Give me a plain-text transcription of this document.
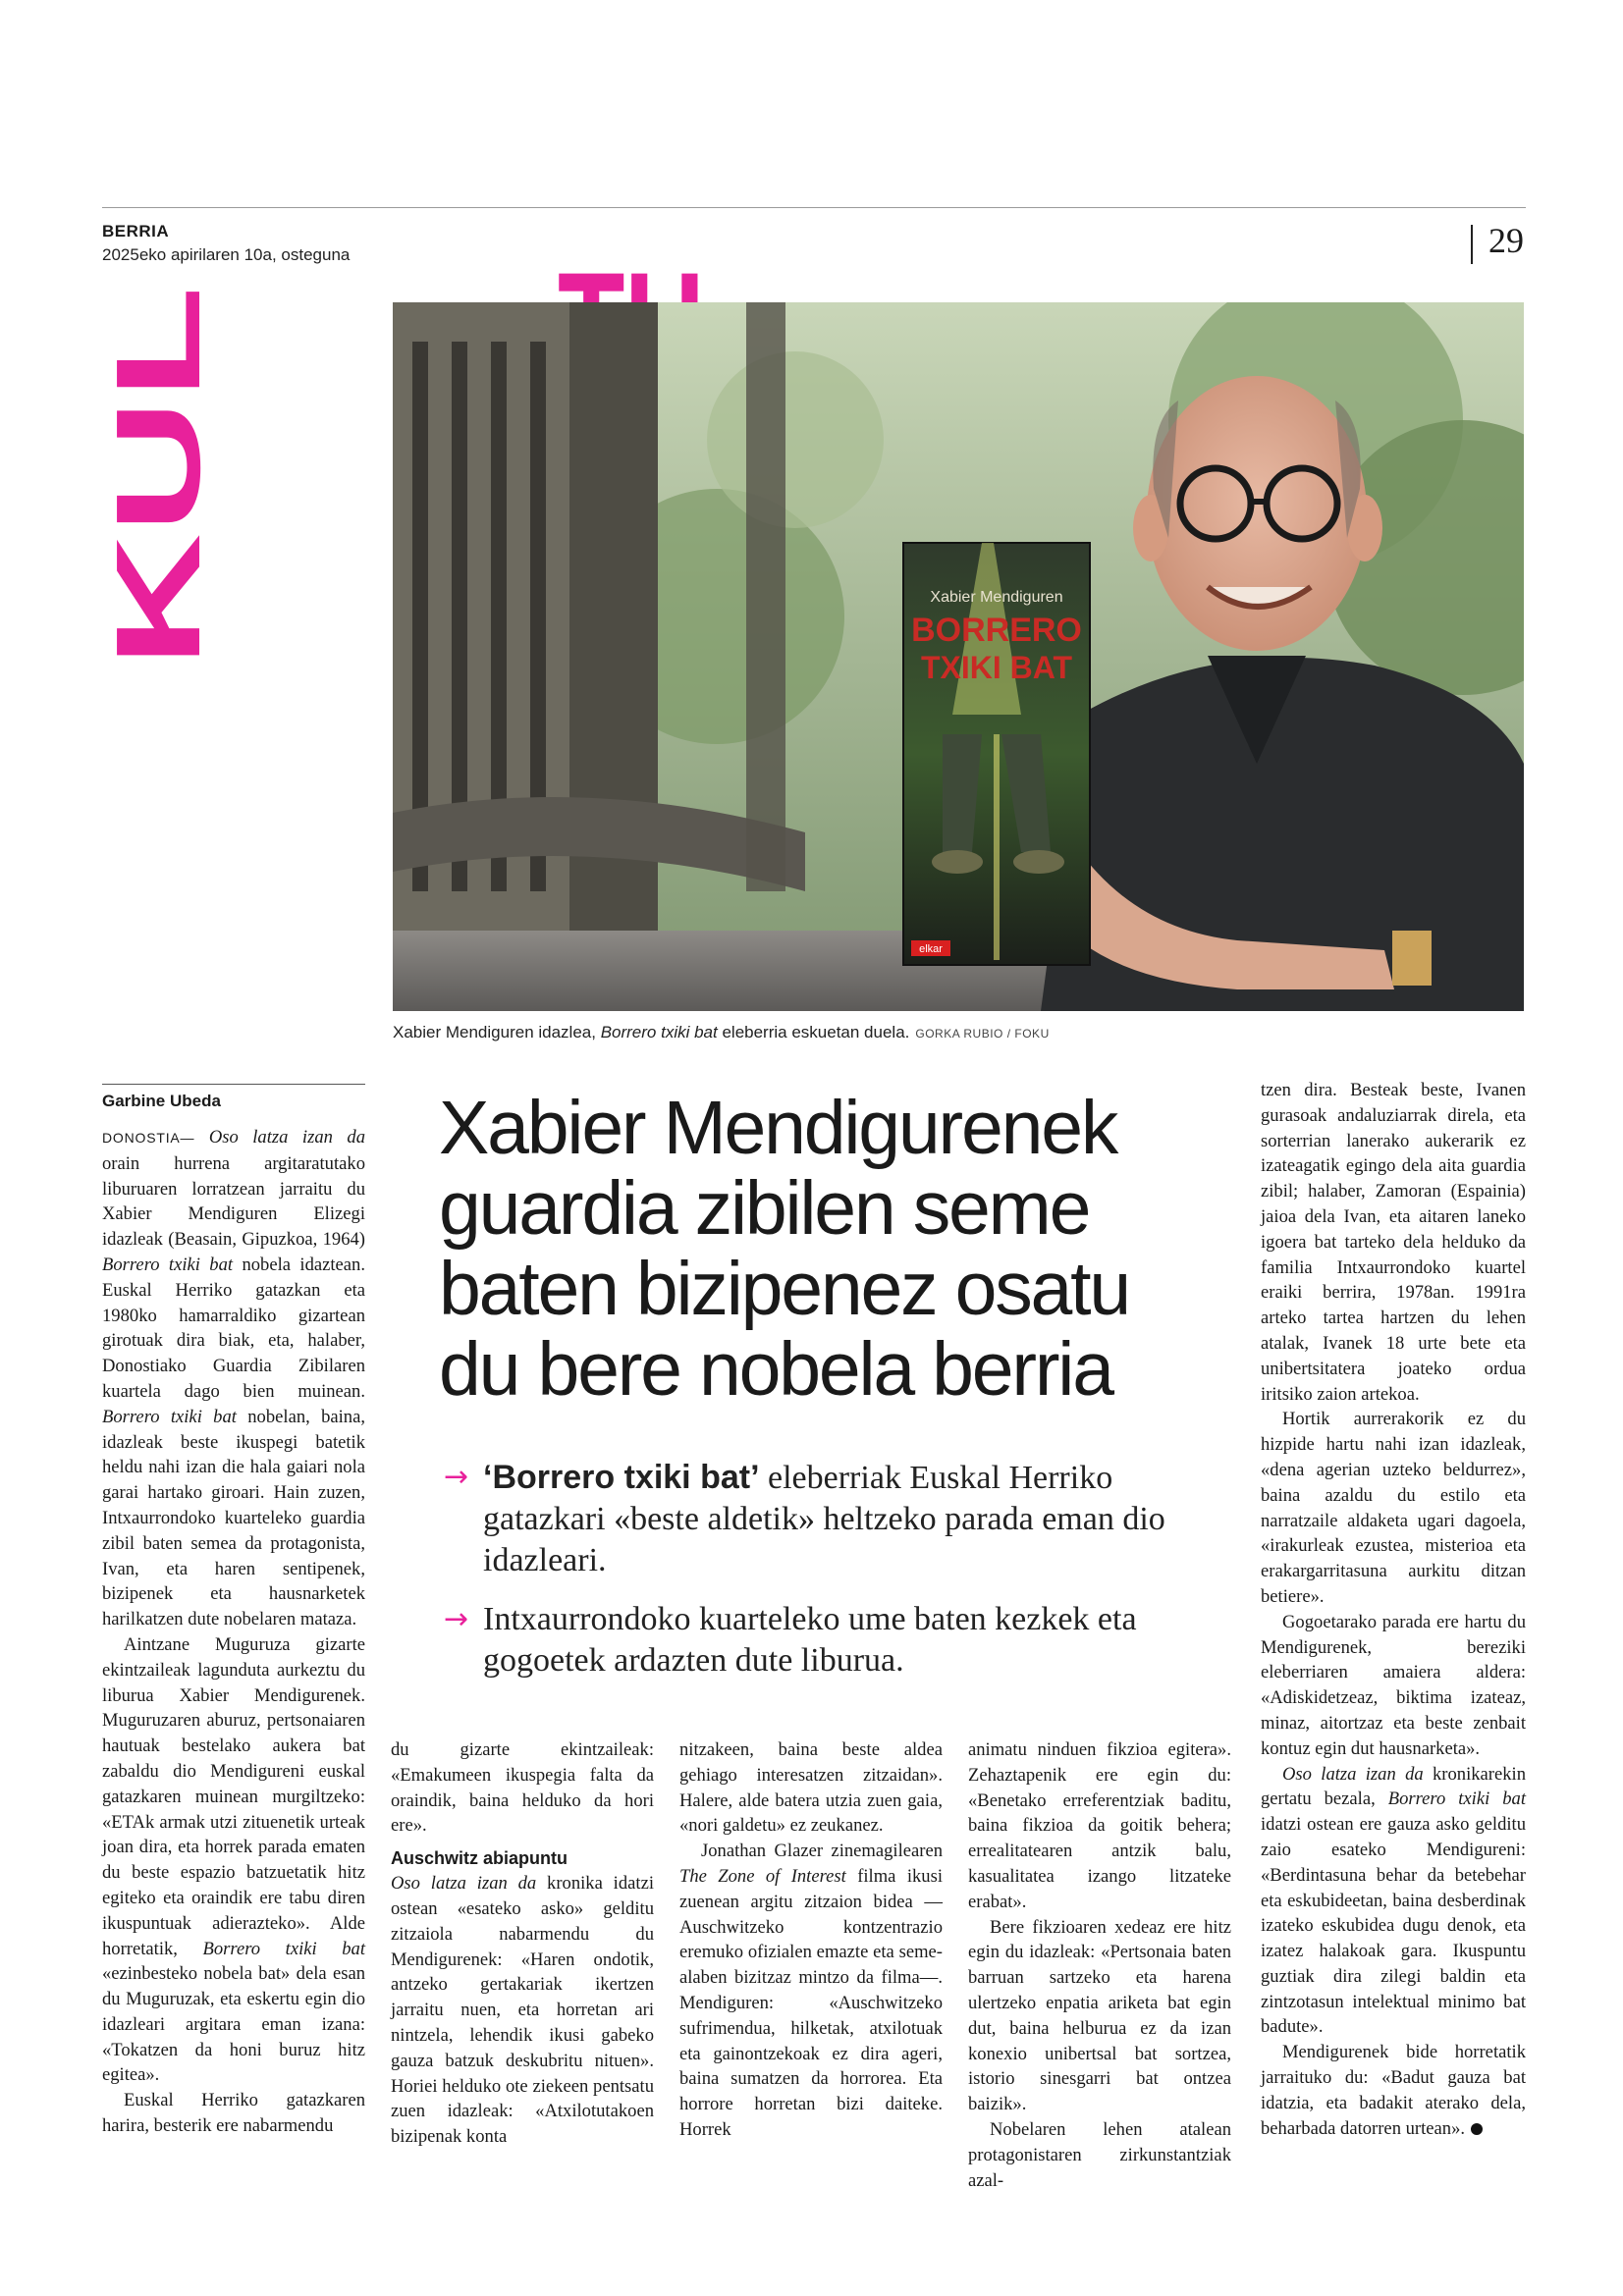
BERRIA
2025eko apirilaren 10a, osteguna	29
KUL	Xabier Mendiguren
BORRERO
TXIKI BAT
elkar
Xabier Mendiguren idazlea, Borrero txiki bat eleberria eskuetan duela. GORKA RUBIO / FOKU
Garbine Ubeda	Xabier Mendigurenek guardia zibilen seme baten bizipenez osatu du bere nobela berria
→ ‘Borrero txiki bat’ eleberriak Euskal Herriko gatazkari «beste aldetik» heltzeko parada eman dio idazleari.
→ Intxaurrondoko kuarteleko ume baten kezkek eta gogoetek ardazten dute liburua.

DONOSTIA— Oso latza izan da orain hurrena argitaratutako liburuaren lorratzean jarraitu du Xabier Mendiguren Elizegi idazleak (Beasain, Gipuzkoa, 1964) Borrero txiki bat nobela idaztean. Euskal Herriko gatazkan eta 1980ko hamarraldiko gizartean girotuak dira biak, eta, halaber, Donostiako Guardia Zibilaren kuartela dago bien muinean. Borrero txiki bat nobelan, baina, idazleak beste ikuspegi batetik heldu nahi izan die hala gaiari nola garai hartako giroari. Hain zuzen, Intxaurrondoko kuarteleko guardia zibil baten semea da protagonista, Ivan, eta haren sentipenek, bizipenek eta hausnarketek harilkatzen dute nobelaren mataza.

Aintzane Muguruza gizarte ekintzaileak lagunduta aurkeztu du liburua Xabier Mendigurenek. Muguruzaren aburuz, pertsonaiaren hautuak bestelako aukera bat zabaldu dio Mendigureni euskal gatazkaren muinean murgiltzeko: «ETAk armak utzi zituenetik urteak joan dira, eta horrek parada ematen du beste espazio batzuetatik hitz egiteko eta oraindik ere tabu diren ikuspuntuak adierazteko». Alde horretatik, Borrero txiki bat «ezinbesteko nobela bat» dela esan du Muguruzak, eta eskertu egin dio idazleari argitara eman izana: «Tokatzen da honi buruz hitz egitea».

Euskal Herriko gatazkaren harira, besterik ere nabarmendu

du gizarte ekintzaileak: «Emakumeen ikuspegia falta da oraindik, baina helduko da hori ere».

Auschwitz abiapuntu

Oso latza izan da kronika idatzi ostean «esateko asko» gelditu zitzaiola nabarmendu du Mendigurenek: «Haren ondotik, antzeko gertakariak ikertzen jarraitu nuen, eta horretan ari nintzela, lehendik ikusi gabeko gauza batzuk deskubritu nituen». Horiei helduko ote ziekeen pentsatu zuen idazleak: «Atxilotutakoen bizipenak konta

nitzakeen, baina beste aldea gehiago interesatzen zitzaidan». Halere, alde batera utzia zuen gaia, «nori galdetu» ez zeukanez.

Jonathan Glazer zinemagilearen The Zone of Interest filma ikusi zuenean argitu zitzaion bidea —Auschwitzeko kontzentrazio eremuko ofizialen emazte eta seme-alaben bizitzaz mintzo da filma—. Mendiguren: «Auschwitzeko sufrimendua, hilketak, atxilotuak eta gainontzekoak ez dira ageri, baina sumatzen da horrorea. Eta horrore horretan bizi daiteke. Horrek

animatu ninduen fikzioa egitera». Zehaztapenik ere egin du: «Benetako erreferentziak baditu, baina fikzioa da goitik behera; errealitatearen antzik balu, kasualitatea izango litzateke erabat».

Bere fikzioaren xedeaz ere hitz egin du idazleak: «Pertsonaia baten barruan sartzeko eta harena ulertzeko enpatia ariketa bat egin dut, baina helburua ez da izan konexio unibertsal bat sortzea, istorio sinesgarri bat ontzea baizik».

Nobelaren lehen atalean protagonistaren zirkunstantziak azal-

tzen dira. Besteak beste, Ivanen gurasoak andaluziarrak direla, eta sorterrian lanerako aukerarik ez izateagatik egingo dela aita guardia zibil; halaber, Zamoran (Espainia) jaioa dela Ivan, eta aitaren laneko igoera bat tarteko dela helduko da familia Intxaurrondoko kuartel eraiki berrira, 1978an. 1991ra arteko tartea hartzen du lehen atalak, Ivanek 18 urte bete eta unibertsitatera joateko ordua iritsiko zaion artekoa.

Hortik aurrerakorik ez du hizpide hartu nahi izan idazleak, «dena agerian uzteko beldurrez», baina azaldu du estilo eta narratzaile aldaketa ugari dagoela, «irakurleak ezustea, misterioa eta erakargarritasuna aurkitu ditzan betiere».

Gogoetarako parada ere hartu du Mendigurenek, bereziki eleberriaren amaiera aldera: «Adiskidetzeaz, biktima izateaz, minaz, aitortzaz eta beste zenbait kontuz egin dut hausnarketa».

Oso latza izan da kronikarekin gertatu bezala, Borrero txiki bat idatzi ostean ere gauza asko gelditu zaio esateko Mendigureni: «Berdintasuna behar da betebehar eta eskubideetan, baina desberdinak izateko eskubidea dugu denok, eta izatez halakoak gara. Ikuspuntu guztiak dira zilegi baldin eta zintzotasun intelektual minimo bat badute».

Mendigurenek bide horretatik jarraituko du: «Badut gauza bat idatzia, eta badakit aterako dela, beharbada datorren urtean».
